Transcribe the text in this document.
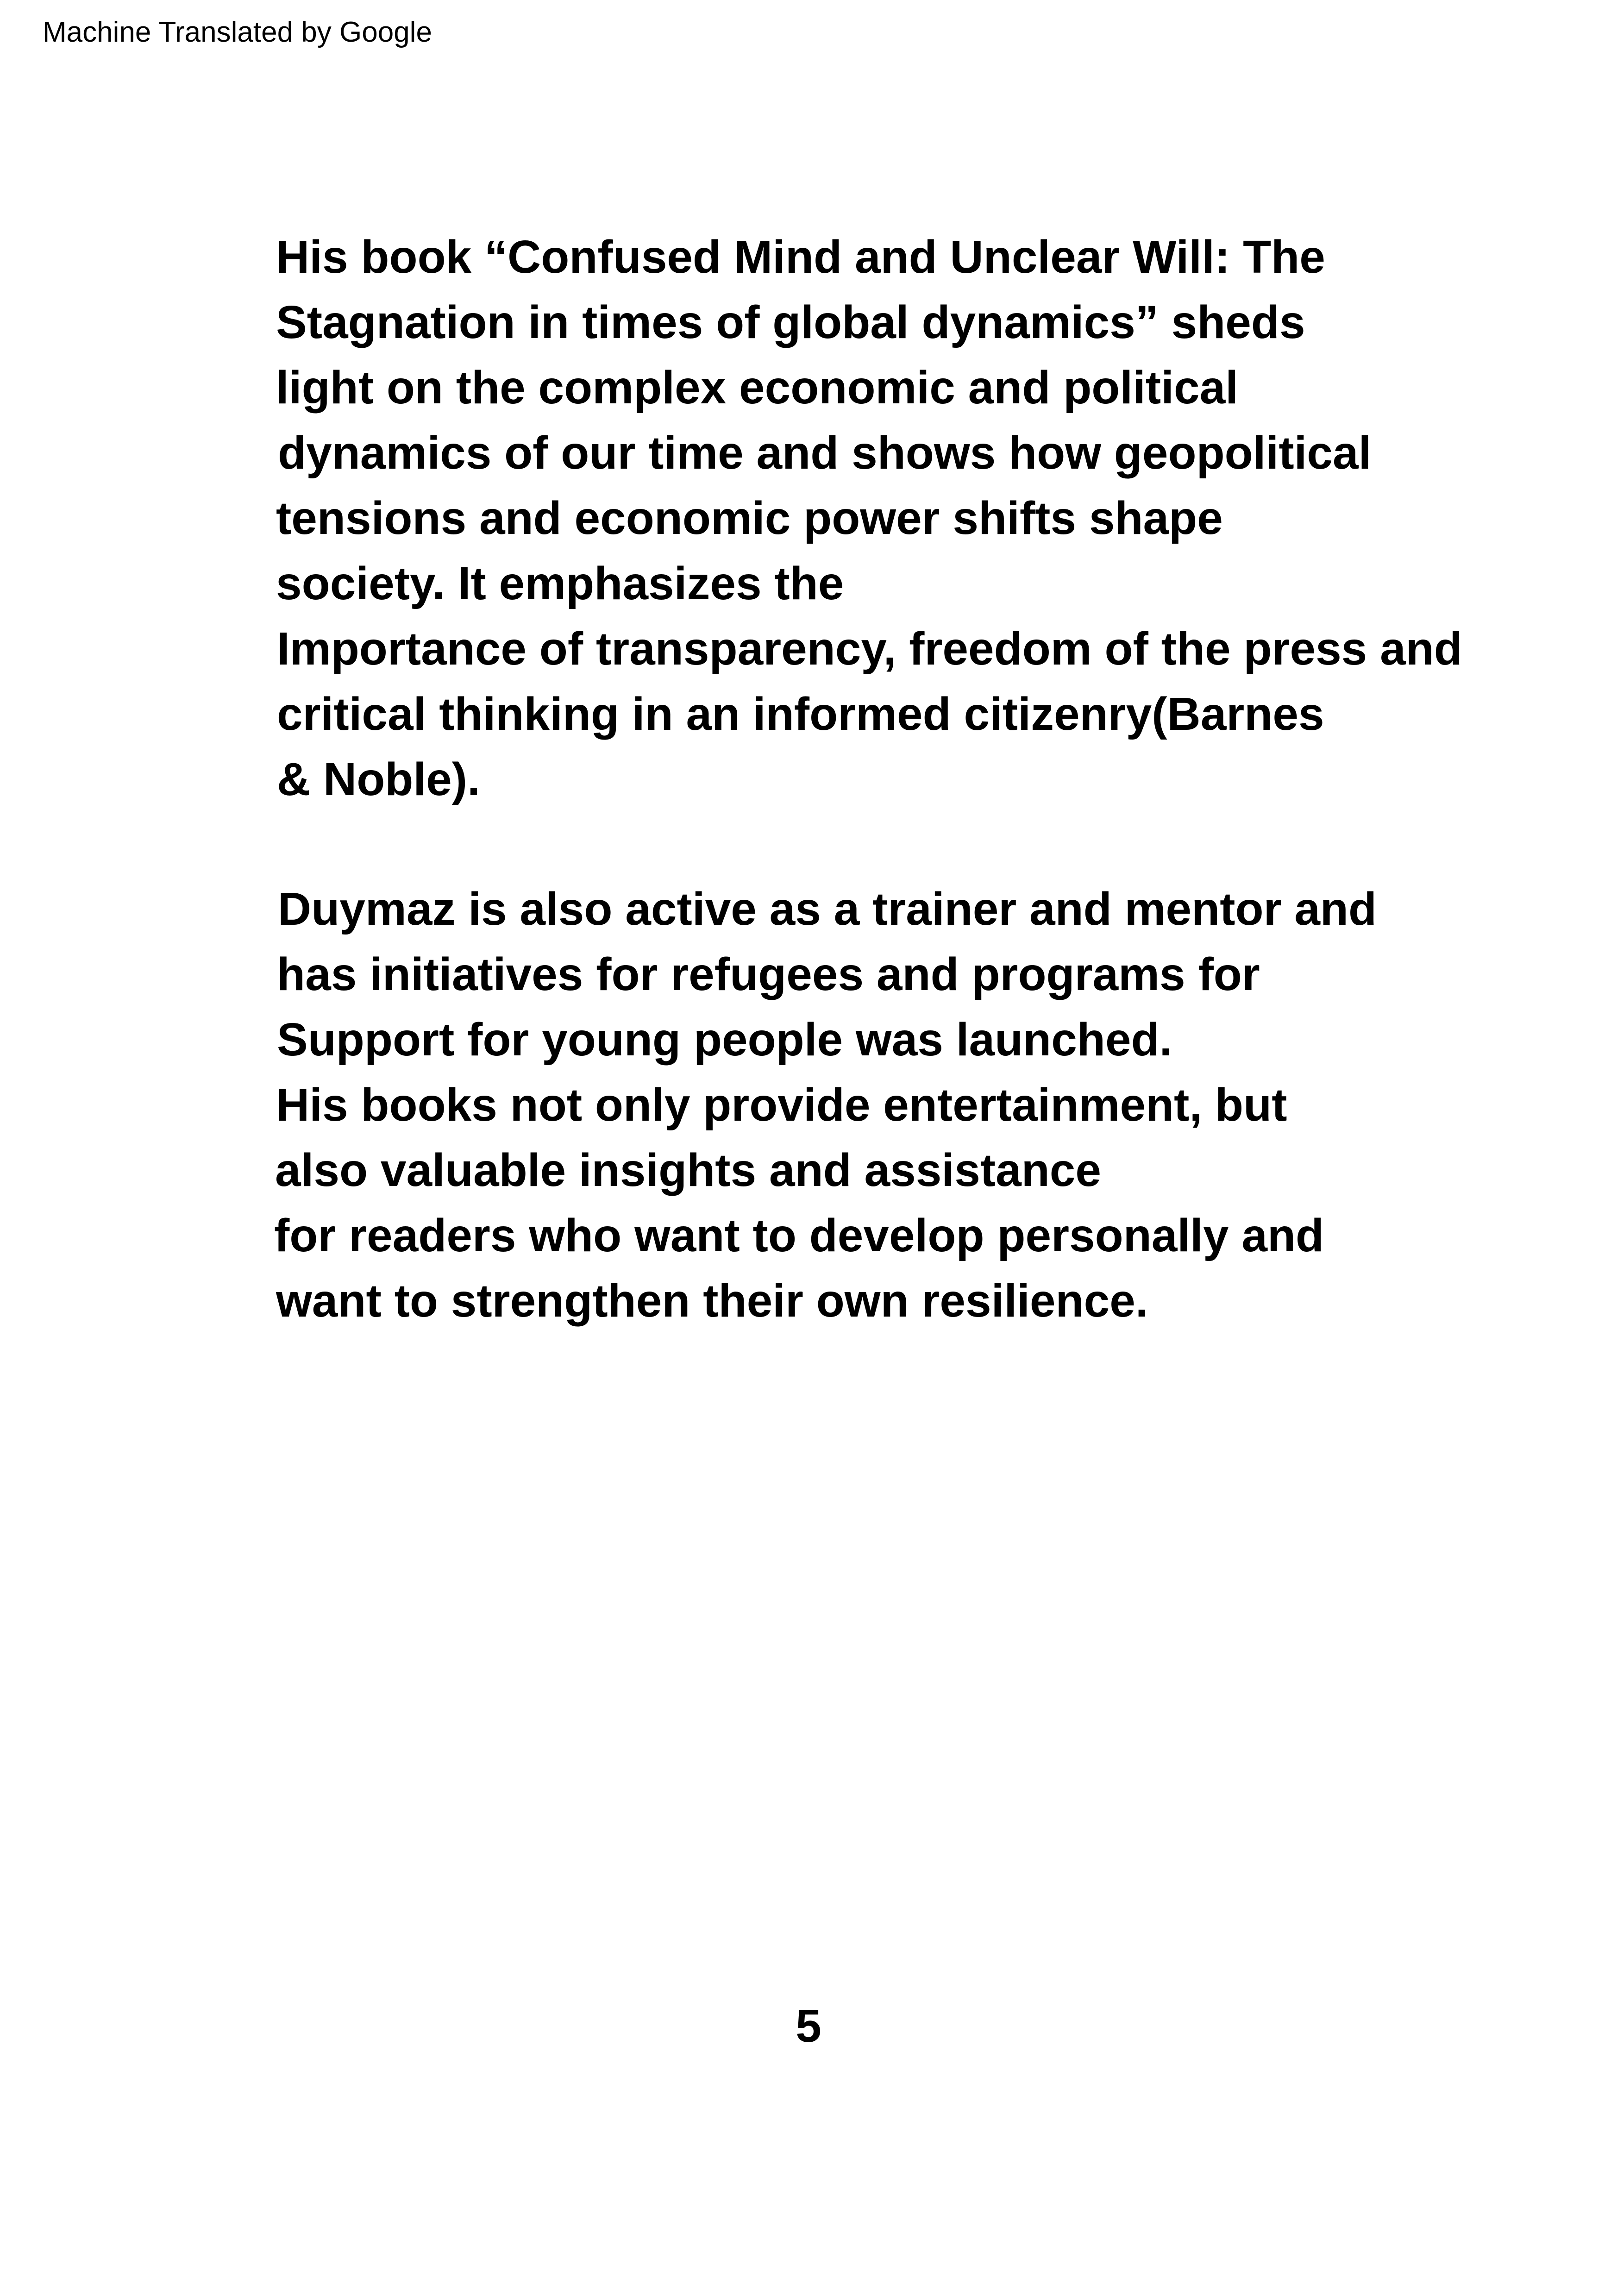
Machine Translated by Google
His book “Confused Mind and Unclear Will: The
Stagnation in times of global dynamics” sheds
light on the complex economic and political
dynamics of our time and shows how geopolitical
tensions and economic power shifts shape
society. It emphasizes the
Importance of transparency, freedom of the press and
critical thinking in an informed citizenry(Barnes
& Noble).
Duymaz is also active as a trainer and mentor and
has initiatives for refugees and programs for
Support for young people was launched.
His books not only provide entertainment, but
also valuable insights and assistance
for readers who want to develop personally and
want to strengthen their own resilience.
5
